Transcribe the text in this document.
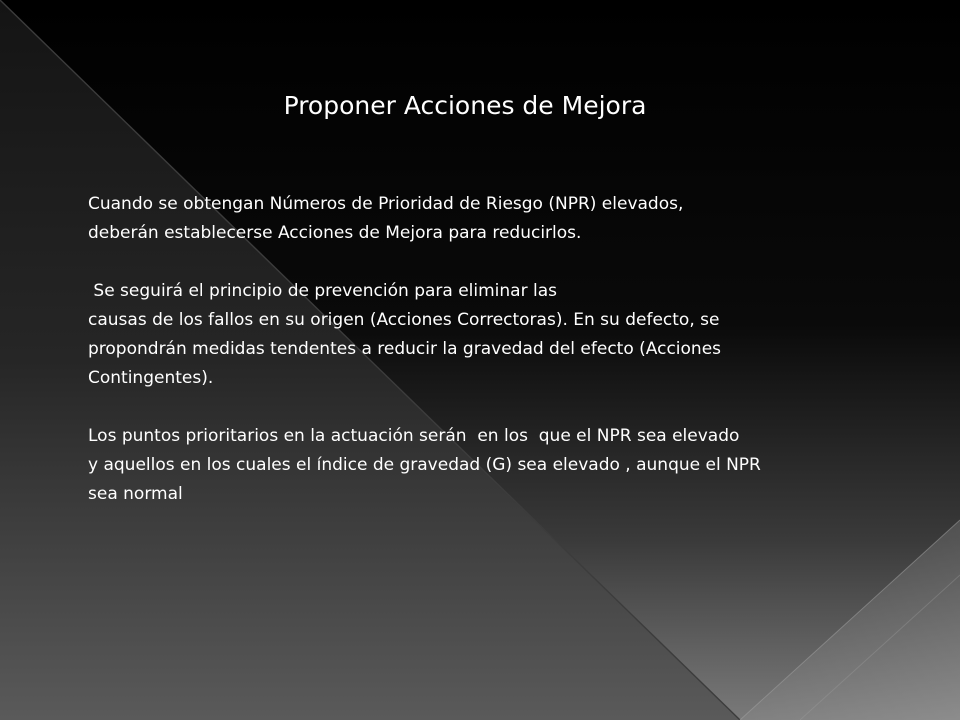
Proponer Acciones de Mejora
Cuando se obtengan Números de Prioridad de Riesgo (NPR) elevados,
deberán establecerse Acciones de Mejora para reducirlos.
Se seguirá el principio de prevención para eliminar las
causas de los fallos en su origen (Acciones Correctoras). En su defecto, se
propondrán medidas tendentes a reducir la gravedad del efecto (Acciones
Contingentes).
Los puntos prioritarios en la actuación serán  en los  que el NPR sea elevado
y aquellos en los cuales el índice de gravedad (G) sea elevado , aunque el NPR
sea normal
